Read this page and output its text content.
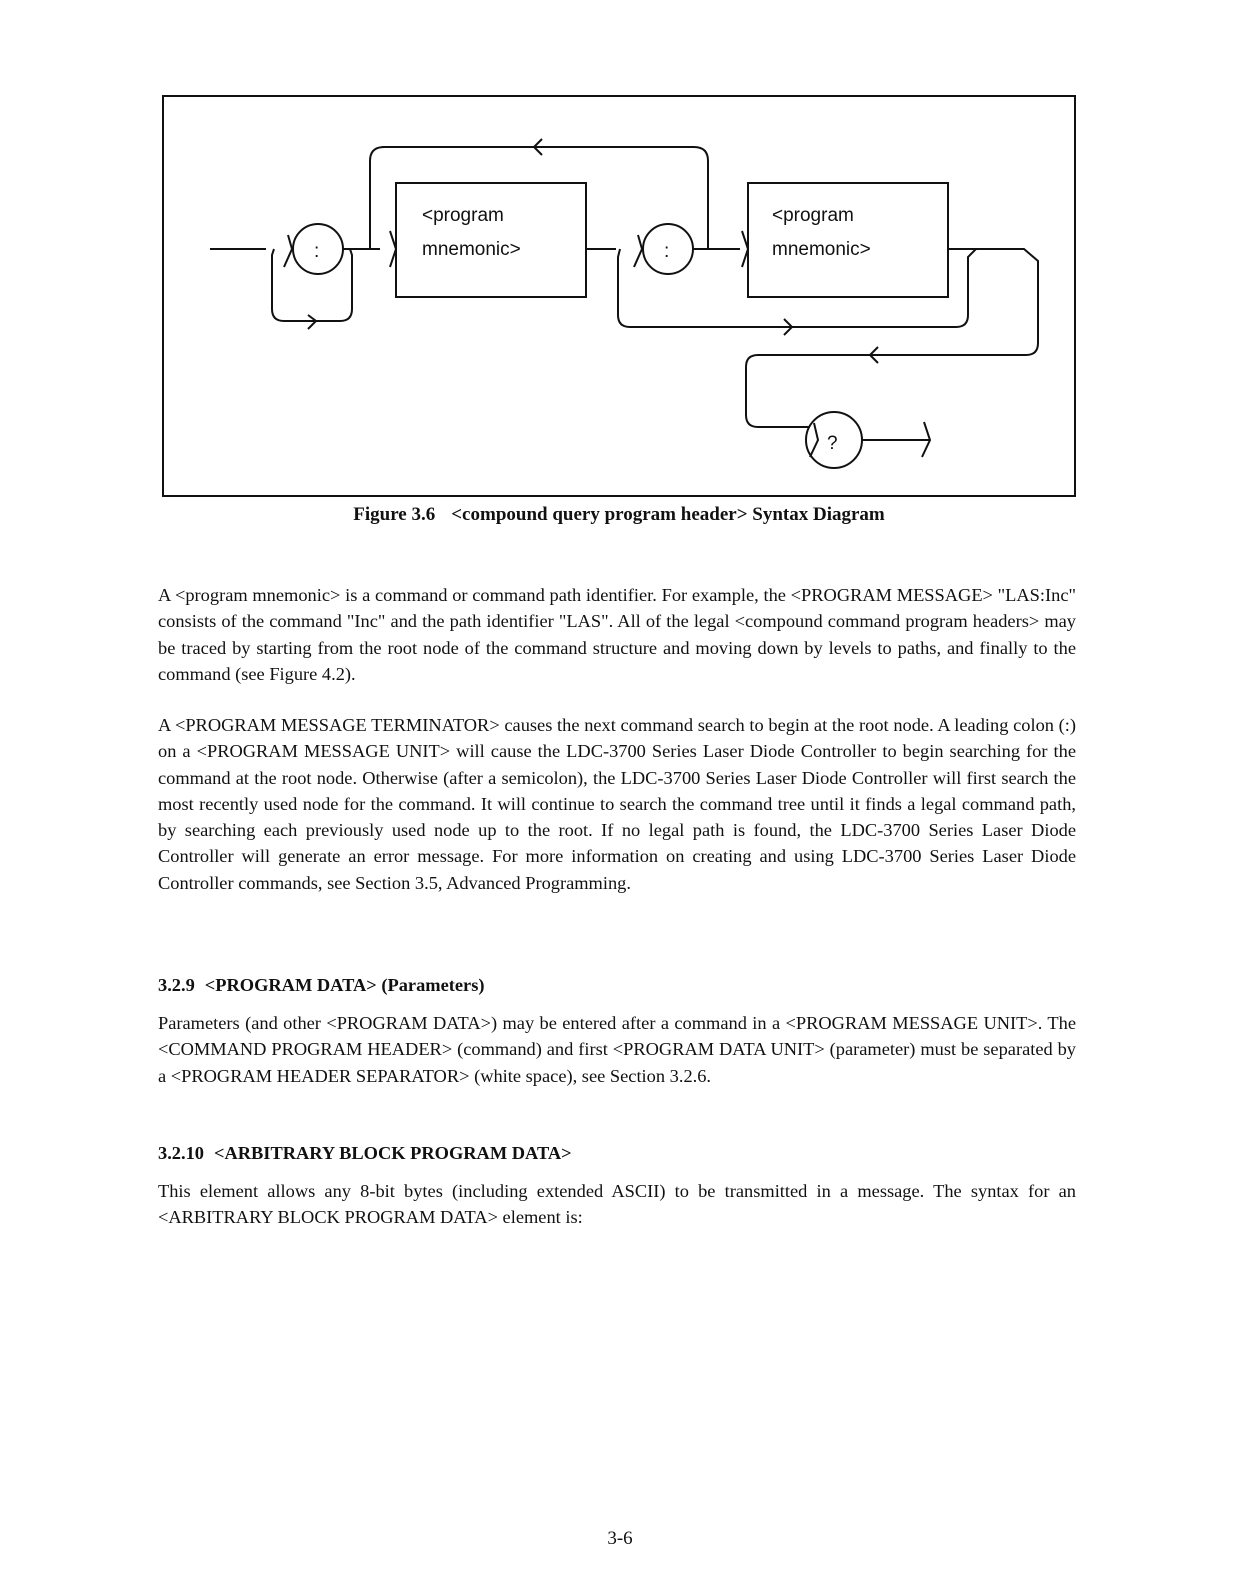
<program
mnemonic>
<program
mnemonic>
:	:
?
Figure 3.6 <compound query program header> Syntax Diagram

A <program mnemonic> is a command or command path identifier. For example, the <PROGRAM MESSAGE> "LAS:Inc" consists of the command "Inc" and the path identifier "LAS". All of the legal <compound command program headers> may be traced by starting from the root node of the command structure and moving down by levels to paths, and finally to the command (see Figure 4.2).

A <PROGRAM MESSAGE TERMINATOR> causes the next command search to begin at the root node. A leading colon (:) on a <PROGRAM MESSAGE UNIT> will cause the LDC-3700 Series Laser Diode Controller to begin searching for the command at the root node. Otherwise (after a semicolon), the LDC-3700 Series Laser Diode Controller will first search the most recently used node for the command. It will continue to search the command tree until it finds a legal command path, by searching each previously used node up to the root. If no legal path is found, the LDC-3700 Series Laser Diode Controller will generate an error message. For more information on creating and using LDC-3700 Series Laser Diode Controller commands, see Section 3.5, Advanced Programming.

3.2.9 <PROGRAM DATA> (Parameters)

Parameters (and other <PROGRAM DATA>) may be entered after a command in a <PROGRAM MESSAGE UNIT>. The <COMMAND PROGRAM HEADER> (command) and first <PROGRAM DATA UNIT> (parameter) must be separated by a <PROGRAM HEADER SEPARATOR> (white space), see Section 3.2.6.

3.2.10 <ARBITRARY BLOCK PROGRAM DATA>

This element allows any 8-bit bytes (including extended ASCII) to be transmitted in a message. The syntax for an <ARBITRARY BLOCK PROGRAM DATA> element is:

3-6
